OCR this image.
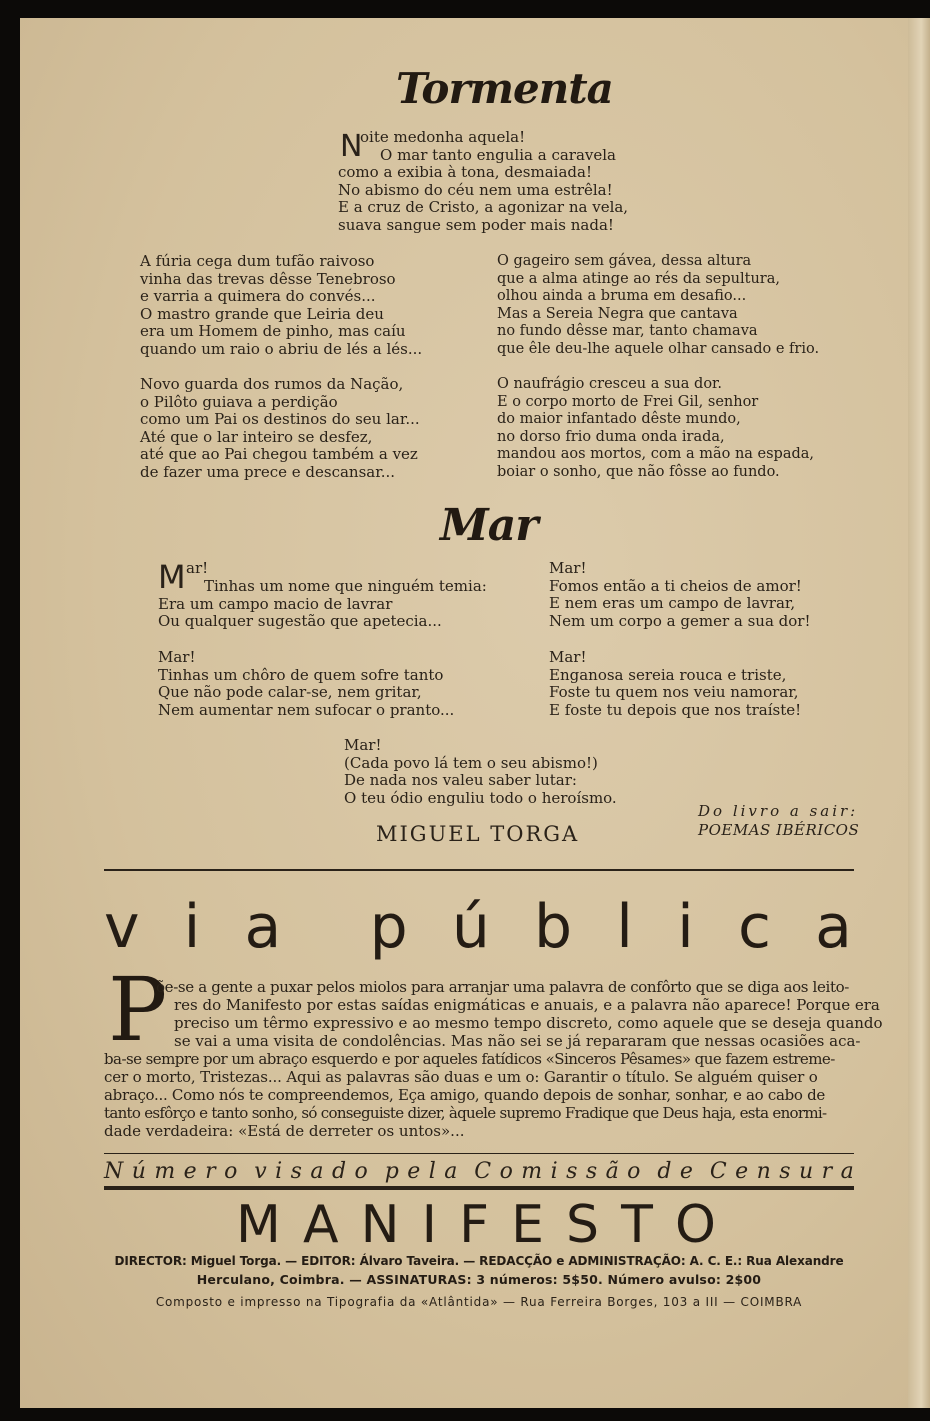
Tormenta
N
oite medonha aquela!
O mar tanto engulia a caravela
como a exibia à tona, desmaiada!
No abismo do céu nem uma estrêla!
E a cruz de Cristo, a agonizar na vela,
suava sangue sem poder mais nada!
A fúria cega dum tufão raivoso
vinha das trevas dêsse Tenebroso
e varria a quimera do convés...
O mastro grande que Leiria deu
era um Homem de pinho, mas caíu
quando um raio o abriu de lés a lés...
Novo guarda dos rumos da Nação,
o Pilôto guiava a perdição
como um Pai os destinos do seu lar...
Até que o lar inteiro se desfez,
até que ao Pai chegou também a vez
de fazer uma prece e descansar...
O gageiro sem gávea, dessa altura
que a alma atinge ao rés da sepultura,
olhou ainda a bruma em desafio...
Mas a Sereia Negra que cantava
no fundo dêsse mar, tanto chamava
que êle deu-lhe aquele olhar cansado e frio.
O naufrágio cresceu a sua dor.
E o corpo morto de Frei Gil, senhor
do maior infantado dêste mundo,
no dorso frio duma onda irada,
mandou aos mortos, com a mão na espada,
boiar o sonho, que não fôsse ao fundo.
Mar
M ar!
Tinhas um nome que ninguém temia:
Era um campo macio de lavrar
Ou qualquer sugestão que apetecia...
Mar!
Tinhas um chôro de quem sofre tanto
Que não pode calar-se, nem gritar,
Nem aumentar nem sufocar o pranto...
Mar!
Fomos então a ti cheios de amor!
E nem eras um campo de lavrar,
Nem um corpo a gemer a sua dor!
Mar!
Enganosa sereia rouca e triste,
Foste tu quem nos veiu namorar,
E foste tu depois que nos traíste!
Mar!
(Cada povo lá tem o seu abismo!)
De nada nos valeu saber lutar:
O teu ódio enguliu todo o heroísmo.
MIGUEL TORGA
Do livro a sair:
POEMAS IBÉRICOS
v i a p ú b l i c a
P
õe-se a gente a puxar pelos miolos para arranjar uma palavra de confôrto que se diga aos leito-
res do Manifesto por estas saídas enigmáticas e anuais, e a palavra não aparece! Porque era
preciso um têrmo expressivo e ao mesmo tempo discreto, como aquele que se deseja quando
se vai a uma visita de condolências. Mas não sei se já repararam que nessas ocasiões aca-
ba-se sempre por um abraço esquerdo e por aqueles fatídicos «Sinceros Pêsames» que fazem estreme-
cer o morto, Tristezas... Aqui as palavras são duas e um o: Garantir o título. Se alguém quiser o
abraço... Como nós te compreendemos, Eça amigo, quando depois de sonhar, sonhar, e ao cabo de
tanto esfôrço e tanto sonho, só conseguiste dizer, àquele supremo Fradique que Deus haja, esta enormi-
dade verdadeira: «Está de derreter os untos»...
N ú m e r o v i s a d o p e l a C o m i s s ã o d e C e n s u r a
M A N I F E S T O
DIRECTOR: Miguel Torga. — EDITOR: Álvaro Taveira. — REDACÇÃO e ADMINISTRAÇÃO: A. C. E.: Rua Alexandre
Herculano, Coimbra. — ASSINATURAS: 3 números: 5$50. Número avulso: 2$00
Composto e impresso na Tipografia da «Atlântida» — Rua Ferreira Borges, 103 a III — COIMBRA
